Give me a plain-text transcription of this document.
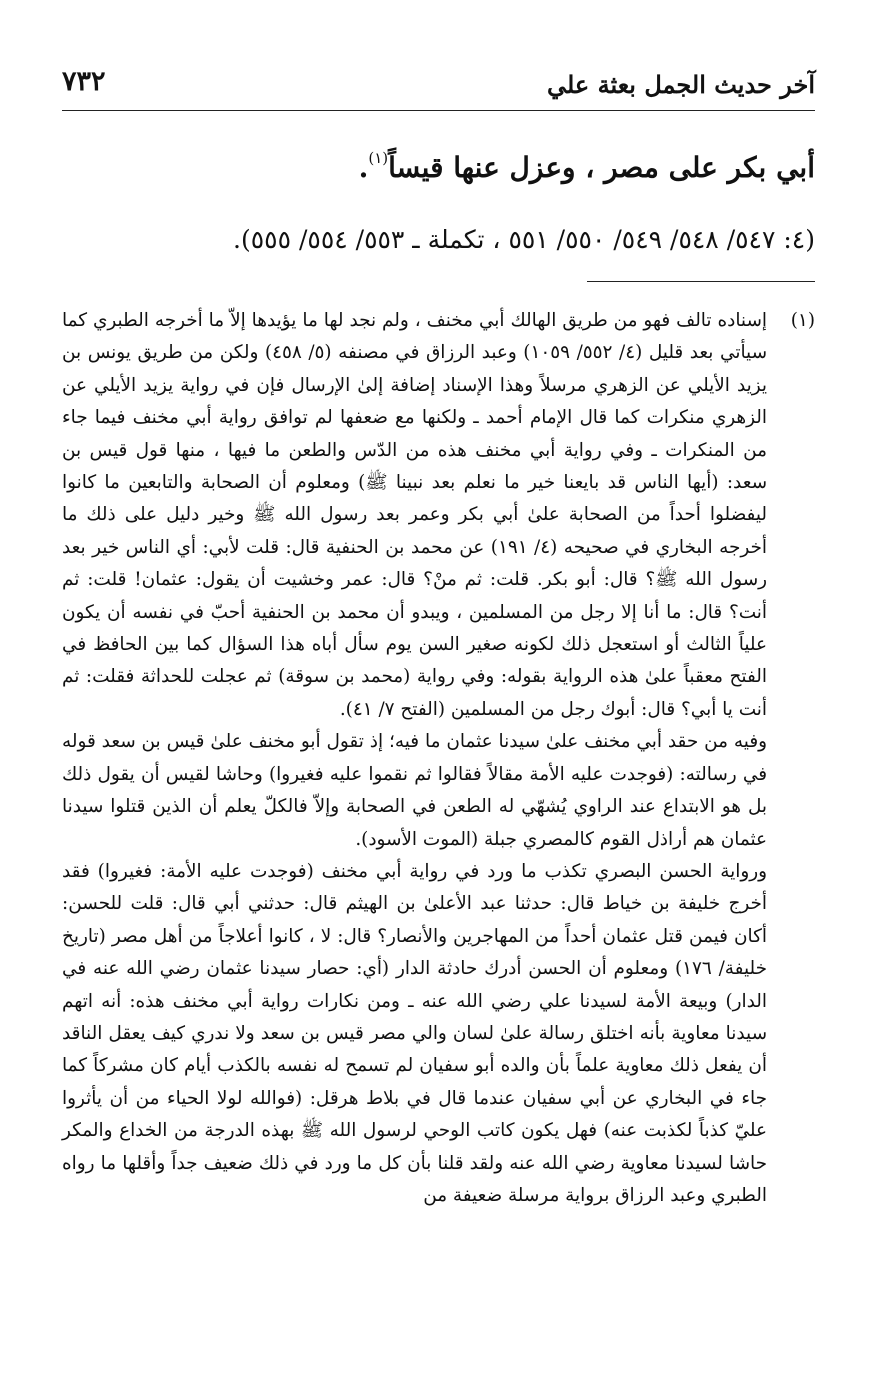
٧٣٢	آخر حديث الجمل بعثة علي
أبي بكر على مصر ، وعزل عنها قيساً$^{(١)}$.
(٤: ٥٤٧/ ٥٤٨/ ٥٤٩/ ٥٥٠/ ٥٥١ ، تكملة ـ ٥٥٣/ ٥٥٤/ ٥٥٥).
(١)

إسناده تالف فهو من طريق الهالك أبي مخنف ، ولم نجد لها ما يؤيدها إلاّ ما أخرجه الطبري كما سيأتي بعد قليل (٤/ ٥٥٢/ ١٠٥٩) وعبد الرزاق في مصنفه (٥/ ٤٥٨) ولكن من طريق يونس بن يزيد الأيلي عن الزهري مرسلاً وهذا الإسناد إضافة إلىٰ الإرسال فإن في رواية يزيد الأيلي عن الزهري منكرات كما قال الإمام أحمد ـ ولكنها مع ضعفها لم توافق رواية أبي مخنف فيما جاء من المنكرات ـ وفي رواية أبي مخنف هذه من الدّس والطعن ما فيها ، منها قول قيس بن سعد: (أيها الناس قد بايعنا خير ما نعلم بعد نبينا ﷺ) ومعلوم أن الصحابة والتابعين ما كانوا ليفضلوا أحداً من الصحابة علىٰ أبي بكر وعمر بعد رسول الله ﷺ وخير دليل على ذلك ما أخرجه البخاري في صحيحه (٤/ ١٩١) عن محمد بن الحنفية قال: قلت لأبي: أي الناس خير بعد رسول الله ﷺ؟ قال: أبو بكر. قلت: ثم منْ؟ قال: عمر وخشيت أن يقول: عثمان! قلت: ثم أنت؟ قال: ما أنا إلا رجل من المسلمين ، ويبدو أن محمد بن الحنفية أحبّ في نفسه أن يكون علياً الثالث أو استعجل ذلك لكونه صغير السن يوم سأل أباه هذا السؤال كما بين الحافظ في الفتح معقباً علىٰ هذه الرواية بقوله: وفي رواية (محمد بن سوقة) ثم عجلت للحداثة فقلت: ثم أنت يا أبي؟ قال: أبوك رجل من المسلمين (الفتح ٧/ ٤١).

وفيه من حقد أبي مخنف علىٰ سيدنا عثمان ما فيه؛ إذ تقول أبو مخنف علىٰ قيس بن سعد قوله في رسالته: (فوجدت عليه الأمة مقالاً فقالوا ثم نقموا عليه فغيروا) وحاشا لقيس أن يقول ذلك بل هو الابتداع عند الراوي يُشهّي له الطعن في الصحابة وإلاّ فالكلّ يعلم أن الذين قتلوا سيدنا عثمان هم أراذل القوم كالمصري جبلة (الموت الأسود).

ورواية الحسن البصري تكذب ما ورد في رواية أبي مخنف (فوجدت عليه الأمة: فغيروا) فقد أخرج خليفة بن خياط قال: حدثنا عبد الأعلىٰ بن الهيثم قال: حدثني أبي قال: قلت للحسن: أكان فيمن قتل عثمان أحداً من المهاجرين والأنصار؟ قال: لا ، كانوا أعلاجاً من أهل مصر (تاريخ خليفة/ ١٧٦) ومعلوم أن الحسن أدرك حادثة الدار (أي: حصار سيدنا عثمان رضي الله عنه في الدار) وبيعة الأمة لسيدنا علي رضي الله عنه ـ ومن نكارات رواية أبي مخنف هذه: أنه اتهم سيدنا معاوية بأنه اختلق رسالة علىٰ لسان والي مصر قيس بن سعد ولا ندري كيف يعقل الناقد أن يفعل ذلك معاوية علماً بأن والده أبو سفيان لم تسمح له نفسه بالكذب أيام كان مشركاً كما جاء في البخاري عن أبي سفيان عندما قال في بلاط هرقل: (فوالله لولا الحياء من أن يأثروا عليّ كذباً لكذبت عنه) فهل يكون كاتب الوحي لرسول الله ﷺ بهذه الدرجة من الخداع والمكر حاشا لسيدنا معاوية رضي الله عنه ولقد قلنا بأن كل ما ورد في ذلك ضعيف جداً وأقلها ما رواه الطبري وعبد الرزاق برواية مرسلة ضعيفة من
